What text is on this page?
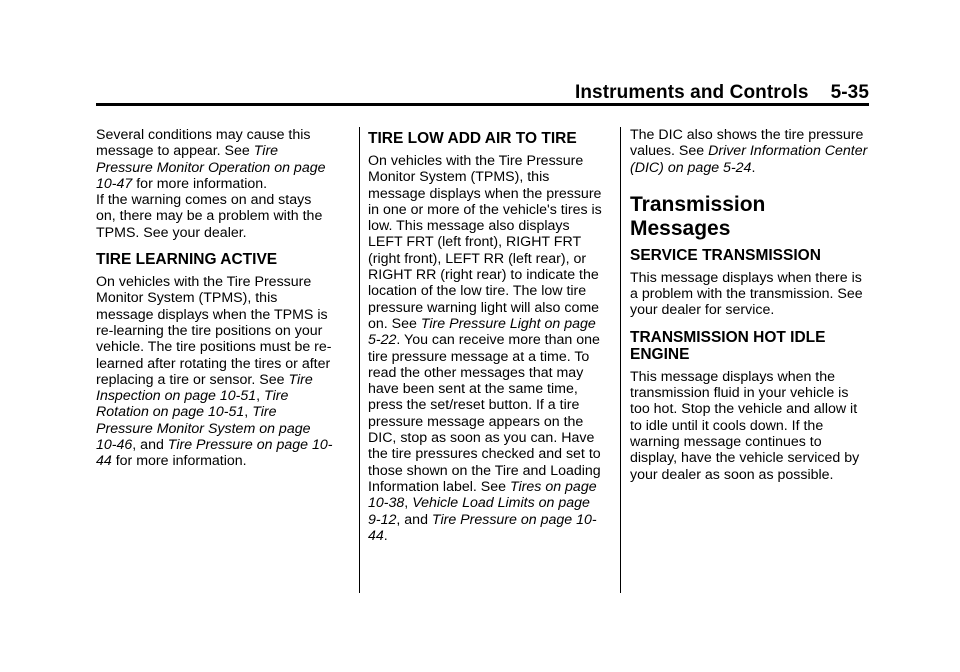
Instruments and Controls 5-35

Several conditions may cause this message to appear. See Tire Pressure Monitor Operation on page 10-47 for more information.

If the warning comes on and stays on, there may be a problem with the TPMS. See your dealer.

TIRE LEARNING ACTIVE

On vehicles with the Tire Pressure Monitor System (TPMS), this message displays when the TPMS is re-learning the tire positions on your vehicle. The tire positions must be re-learned after rotating the tires or after replacing a tire or sensor. See Tire Inspection on page 10-51, Tire Rotation on page 10-51, Tire Pressure Monitor System on page 10-46, and Tire Pressure on page 10-44 for more information.

TIRE LOW ADD AIR TO TIRE

On vehicles with the Tire Pressure Monitor System (TPMS), this message displays when the pressure in one or more of the vehicle's tires is low. This message also displays LEFT FRT (left front), RIGHT FRT (right front), LEFT RR (left rear), or RIGHT RR (right rear) to indicate the location of the low tire. The low tire pressure warning light will also come on. See Tire Pressure Light on page 5-22. You can receive more than one tire pressure message at a time. To read the other messages that may have been sent at the same time, press the set/reset button. If a tire pressure message appears on the DIC, stop as soon as you can. Have the tire pressures checked and set to those shown on the Tire and Loading Information label. See Tires on page 10-38, Vehicle Load Limits on page 9-12, and Tire Pressure on page 10-44.

The DIC also shows the tire pressure values. See Driver Information Center (DIC) on page 5-24.

Transmission Messages
SERVICE TRANSMISSION

This message displays when there is a problem with the transmission. See your dealer for service.

TRANSMISSION HOT IDLE ENGINE

This message displays when the transmission fluid in your vehicle is too hot. Stop the vehicle and allow it to idle until it cools down. If the warning message continues to display, have the vehicle serviced by your dealer as soon as possible.
